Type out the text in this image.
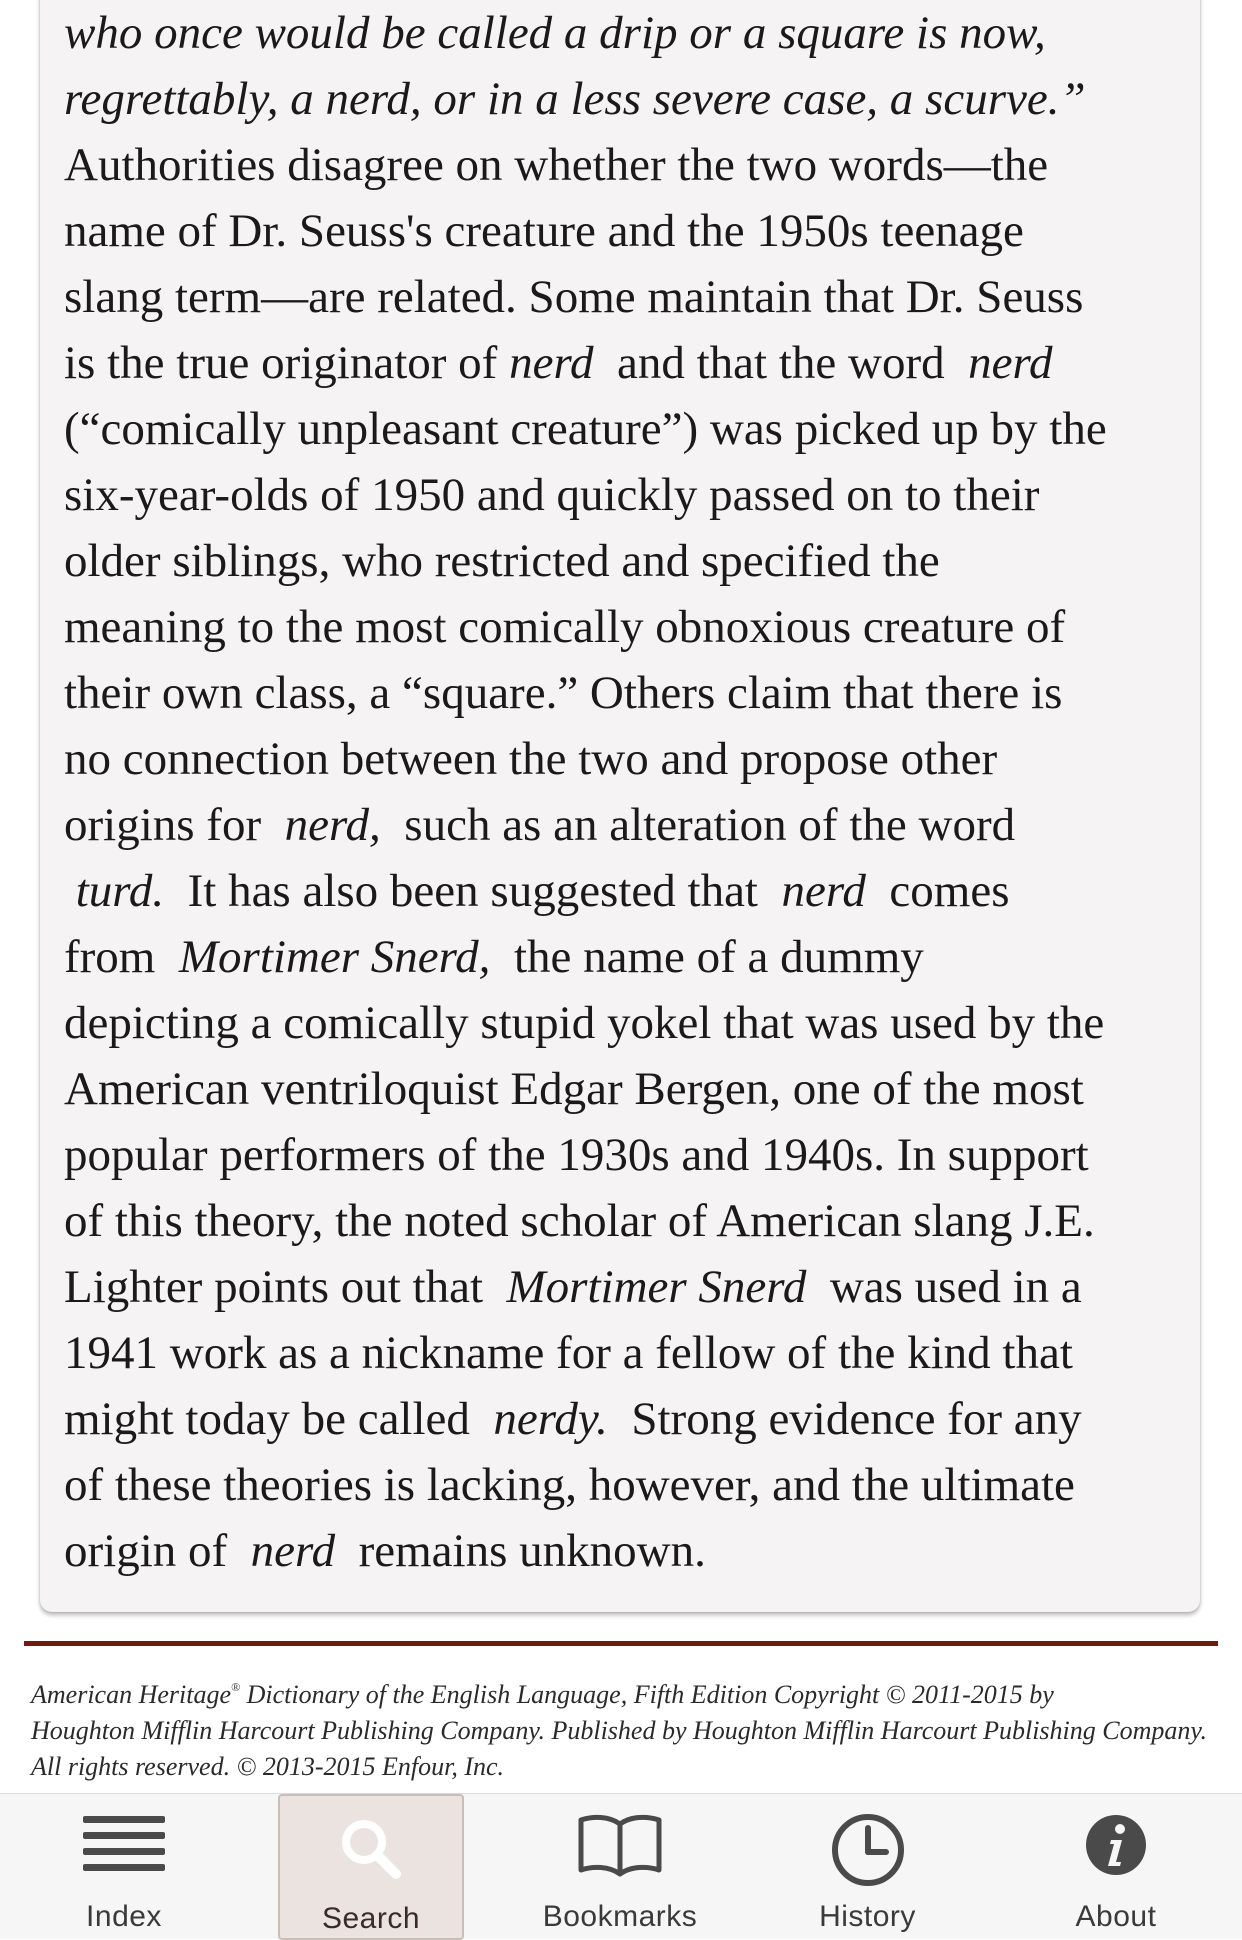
who once would be called a drip or a square is now,
regrettably, a nerd, or in a less severe case, a scurve.”
Authorities disagree on whether the two words—the
name of Dr. Seuss's creature and the 1950s teenage
slang term—are related. Some maintain that Dr. Seuss
is the true originator of nerd  and that the word  nerd
(“comically unpleasant creature”) was picked up by the
six-year-olds of 1950 and quickly passed on to their
older siblings, who restricted and specified the
meaning to the most comically obnoxious creature of
their own class, a “square.” Others claim that there is
no connection between the two and propose other
origins for  nerd,  such as an alteration of the word
turd.  It has also been suggested that  nerd  comes
from  Mortimer Snerd,  the name of a dummy
depicting a comically stupid yokel that was used by the
American ventriloquist Edgar Bergen, one of the most
popular performers of the 1930s and 1940s. In support
of this theory, the noted scholar of American slang J.E.
Lighter points out that  Mortimer Snerd  was used in a
1941 work as a nickname for a fellow of the kind that
might today be called  nerdy.  Strong evidence for any
of these theories is lacking, however, and the ultimate
origin of  nerd  remains unknown.
American Heritage® Dictionary of the English Language, Fifth Edition Copyright © 2011-2015 by
Houghton Mifflin Harcourt Publishing Company. Published by Houghton Mifflin Harcourt Publishing Company.
All rights reserved. © 2013-2015 Enfour, Inc.
Index	Search	Bookmarks	History	About
